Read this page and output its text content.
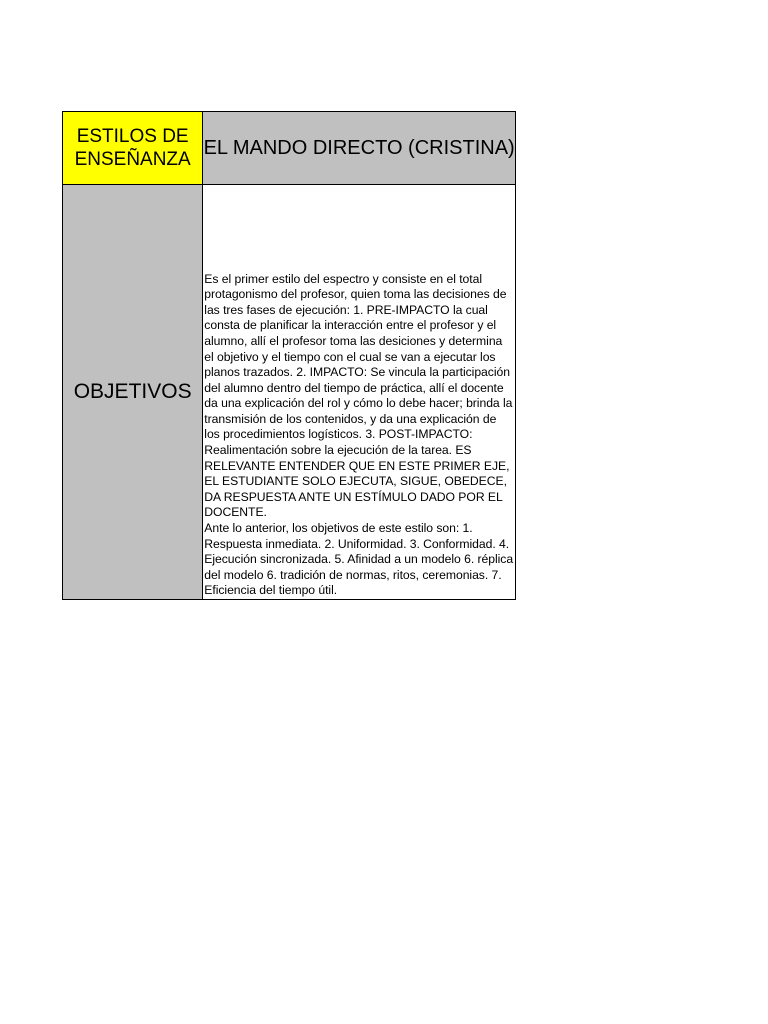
ESTILOS DE ENSEÑANZA	EL MANDO DIRECTO (CRISTINA)
OBJETIVOS	Es el primer estilo del espectro y consiste en el total protagonismo del profesor, quien toma las decisiones de las tres fases de ejecución: 1. PRE-IMPACTO la cual consta de planificar la interacción entre el profesor y el alumno, allí el profesor toma las desiciones y determina el objetivo y el tiempo con el cual se van a ejecutar los planos trazados. 2. IMPACTO: Se vincula la participación del alumno dentro del tiempo de práctica, allí el docente da una explicación del rol y cómo lo debe hacer; brinda la transmisión de los contenidos, y da una explicación de los procedimientos logísticos. 3. POST-IMPACTO: Realimentación sobre la ejecución de la tarea. ES RELEVANTE ENTENDER QUE EN ESTE PRIMER EJE, EL ESTUDIANTE SOLO EJECUTA, SIGUE, OBEDECE, DA RESPUESTA ANTE UN ESTÍMULO DADO POR EL DOCENTE.
Ante lo anterior, los objetivos de este estilo son: 1. Respuesta inmediata. 2. Uniformidad. 3. Conformidad. 4. Ejecución sincronizada. 5. Afinidad a un modelo 6. réplica del modelo 6. tradición de normas, ritos, ceremonias. 7. Eficiencia del tiempo útil.
